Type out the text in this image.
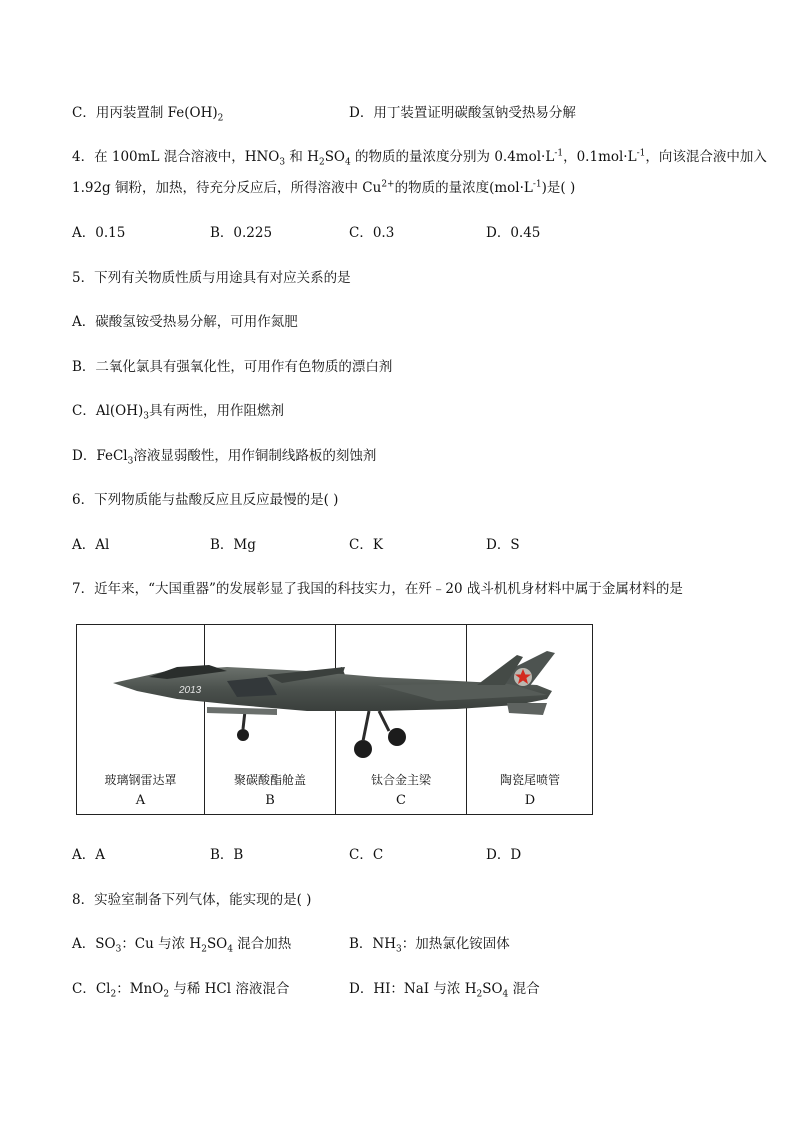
C．用丙装置制 $Fe(OH)_2$	D．用丁装置证明碳酸氢钠受热易分解
4．在 100mL 混合溶液中，$HNO_3$ 和 $H_2SO_4$ 的物质的量浓度分别为 $0.4mol\cdot L^{-1}$，$0.1mol\cdot L^{-1}$，向该混合液中加入
1.92g 铜粉，加热，待充分反应后，所得溶液中 $Cu^{2+}$的物质的量浓度$(mol\cdot L^{-1})$是( )
A．0.15	B．0.225	C．0.3	D．0.45
5．下列有关物质性质与用途具有对应关系的是
A．碳酸氢铵受热易分解，可用作氮肥
B．二氧化氯具有强氧化性，可用作有色物质的漂白剂
C．$Al(OH)_3$具有两性，用作阻燃剂
D．FeCl$_3$溶液显弱酸性，用作铜制线路板的刻蚀剂
6．下列物质能与盐酸反应且反应最慢的是( )
A．Al	B．Mg	C．K	D．S
7．近年来，“大国重器”的发展彰显了我国的科技实力，在歼﹣20 战斗机机身材料中属于金属材料的是
玻璃钢雷达罩
A
聚碳酸酯舱盖
B
钛合金主梁
C
陶瓷尾喷管
D
2013
A．A	B．B	C．C	D．D
8．实验室制备下列气体，能实现的是( )
A．$SO_3$：Cu 与浓 $H_2SO_4$ 混合加热	B．$NH_3$：加热氯化铵固体
C．$Cl_2$：MnO$_2$ 与稀 HCl 溶液混合	D．HI：NaI 与浓 $H_2SO_4$ 混合
